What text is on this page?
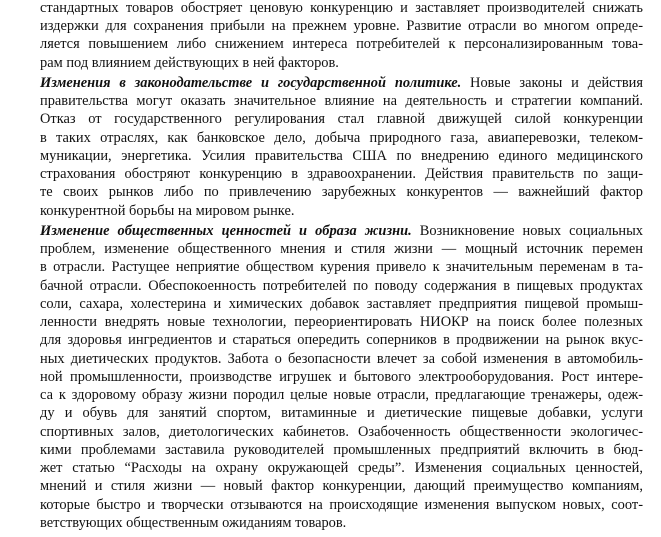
стандартных товаров обостряет ценовую конкуренцию и заставляет производителей снижать
издержки для сохранения прибыли на прежнем уровне. Развитие отрасли во многом опреде-
ляется повышением либо снижением интереса потребителей к персонализированным това-
рам под влиянием действующих в ней факторов.
Изменения в законодательстве и государственной политике. Новые законы и действия
правительства могут оказать значительное влияние на деятельность и стратегии компаний.
Отказ от государственного регулирования стал главной движущей силой конкуренции
в таких отраслях, как банковское дело, добыча природного газа, авиаперевозки, телеком-
муникации, энергетика. Усилия правительства США по внедрению единого медицинского
страхования обостряют конкуренцию в здравоохранении. Действия правительств по защи-
те своих рынков либо по привлечению зарубежных конкурентов — важнейший фактор
конкурентной борьбы на мировом рынке.
Изменение общественных ценностей и образа жизни. Возникновение новых социальных
проблем, изменение общественного мнения и стиля жизни — мощный источник перемен
в отрасли. Растущее неприятие обществом курения привело к значительным переменам в та-
бачной отрасли. Обеспокоенность потребителей по поводу содержания в пищевых продуктах
соли, сахара, холестерина и химических добавок заставляет предприятия пищевой промыш-
ленности внедрять новые технологии, переориентировать НИОКР на поиск более полезных
для здоровья ингредиентов и стараться опередить соперников в продвижении на рынок вкус-
ных диетических продуктов. Забота о безопасности влечет за собой изменения в автомобиль-
ной промышленности, производстве игрушек и бытового электрооборудования. Рост интере-
са к здоровому образу жизни породил целые новые отрасли, предлагающие тренажеры, одеж-
ду и обувь для занятий спортом, витаминные и диетические пищевые добавки, услуги
спортивных залов, диетологических кабинетов. Озабоченность общественности экологичес-
кими проблемами заставила руководителей промышленных предприятий включить в бюд-
жет статью “Расходы на охрану окружающей среды”. Изменения социальных ценностей,
мнений и стиля жизни — новый фактор конкуренции, дающий преимущество компаниям,
которые быстро и творчески отзываются на происходящие изменения выпуском новых, соот-
ветствующих общественным ожиданиям товаров.
